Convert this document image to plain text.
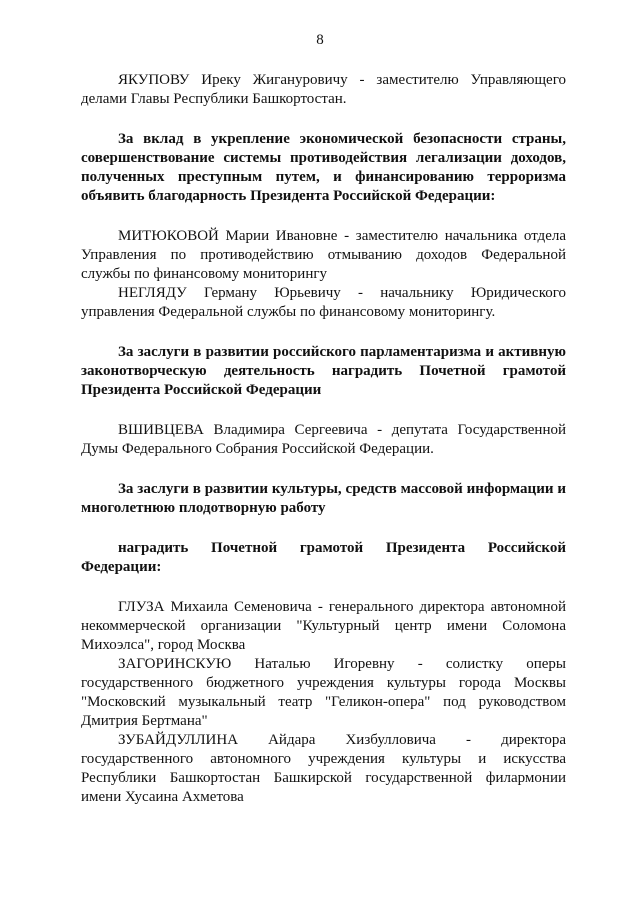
8

ЯКУПОВУ Иреку Жигануровичу - заместителю Управляющего делами Главы Республики Башкортостан.

За вклад в укрепление экономической безопасности страны, совершенствование системы противодействия легализации доходов, полученных преступным путем, и финансированию терроризма объявить благодарность Президента Российской Федерации:

МИТЮКОВОЙ Марии Ивановне - заместителю начальника отдела Управления по противодействию отмыванию доходов Федеральной службы по финансовому мониторингу

НЕГЛЯДУ Герману Юрьевичу - начальнику Юридического управления Федеральной службы по финансовому мониторингу.

За заслуги в развитии российского парламентаризма и активную законотворческую деятельность наградить Почетной грамотой Президента Российской Федерации

ВШИВЦЕВА Владимира Сергеевича - депутата Государственной Думы Федерального Собрания Российской Федерации.

За заслуги в развитии культуры, средств массовой информации и многолетнюю плодотворную работу

наградить Почетной грамотой Президента Российской Федерации:

ГЛУЗА Михаила Семеновича - генерального директора автономной некоммерческой организации "Культурный центр имени Соломона Михоэлса", город Москва

ЗАГОРИНСКУЮ Наталью Игоревну - солистку оперы государственного бюджетного учреждения культуры города Москвы "Московский музыкальный театр "Геликон-опера" под руководством Дмитрия Бертмана"

ЗУБАЙДУЛЛИНА Айдара Хизбулловича - директора государственного автономного учреждения культуры и искусства Республики Башкортостан Башкирской государственной филармонии имени Хусаина Ахметова
